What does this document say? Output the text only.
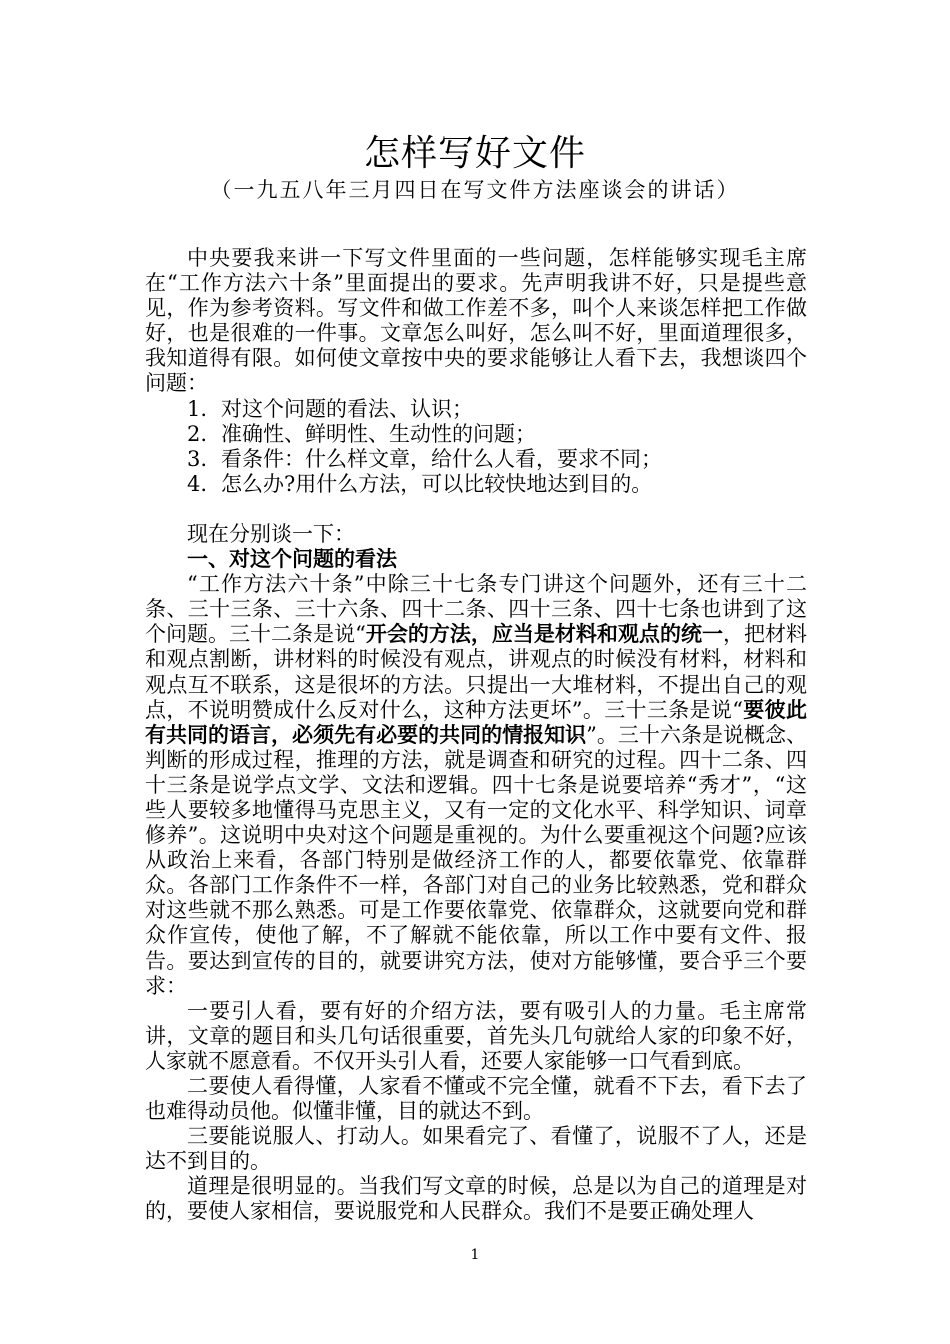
怎样写好文件
（一九五八年三月四日在写文件方法座谈会的讲话）

中央要我来讲一下写文件里面的一些问题，怎样能够实现毛主席在“工作方法六十条”里面提出的要求。先声明我讲不好，只是提些意见，作为参考资料。写文件和做工作差不多，叫个人来谈怎样把工作做好，也是很难的一件事。文章怎么叫好，怎么叫不好，里面道理很多，我知道得有限。如何使文章按中央的要求能够让人看下去，我想谈四个问题：

1. 对这个问题的看法、认识；

2. 准确性、鲜明性、生动性的问题；

3. 看条件：什么样文章，给什么人看，要求不同；

4. 怎么办?用什么方法，可以比较快地达到目的。

现在分别谈一下：

一、对这个问题的看法

“工作方法六十条”中除三十七条专门讲这个问题外，还有三十二条、三十三条、三十六条、四十二条、四十三条、四十七条也讲到了这个问题。三十二条是说“开会的方法，应当是材料和观点的统一，把材料和观点割断，讲材料的时候没有观点，讲观点的时候没有材料，材料和观点互不联系，这是很坏的方法。只提出一大堆材料，不提出自己的观点，不说明赞成什么反对什么，这种方法更坏”。三十三条是说“要彼此有共同的语言，必须先有必要的共同的情报知识”。三十六条是说概念、判断的形成过程，推理的方法，就是调查和研究的过程。四十二条、四十三条是说学点文学、文法和逻辑。四十七条是说要培养“秀才”，“这些人要较多地懂得马克思主义，又有一定的文化水平、科学知识、词章修养”。这说明中央对这个问题是重视的。为什么要重视这个问题?应该从政治上来看，各部门特别是做经济工作的人，都要依靠党、依靠群众。各部门工作条件不一样，各部门对自己的业务比较熟悉，党和群众对这些就不那么熟悉。可是工作要依靠党、依靠群众，这就要向党和群众作宣传，使他了解，不了解就不能依靠，所以工作中要有文件、报告。要达到宣传的目的，就要讲究方法，使对方能够懂，要合乎三个要求：

一要引人看，要有好的介绍方法，要有吸引人的力量。毛主席常讲，文章的题目和头几句话很重要，首先头几句就给人家的印象不好，人家就不愿意看。不仅开头引人看，还要人家能够一口气看到底。

二要使人看得懂，人家看不懂或不完全懂，就看不下去，看下去了也难得动员他。似懂非懂，目的就达不到。

三要能说服人、打动人。如果看完了、看懂了，说服不了人，还是达不到目的。

道理是很明显的。当我们写文章的时候，总是以为自己的道理是对的，要使人家相信，要说服党和人民群众。我们不是要正确处理人

1
